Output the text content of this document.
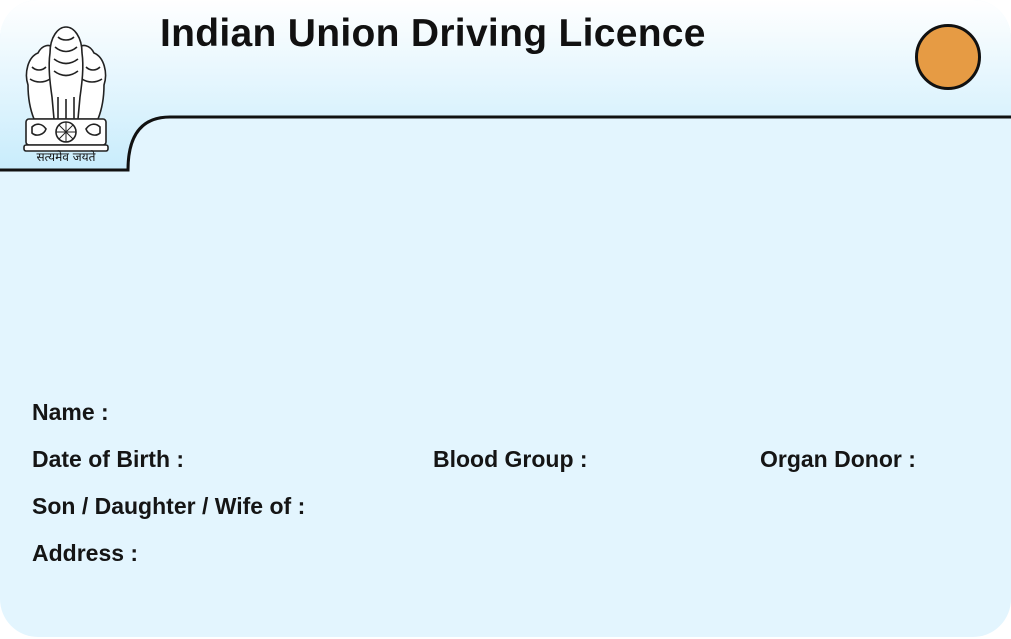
सत्यमेव जयते
Indian Union Driving Licence
Name :
Date of Birth :	Blood Group :	Organ Donor :
Son / Daughter / Wife of :
Address :
